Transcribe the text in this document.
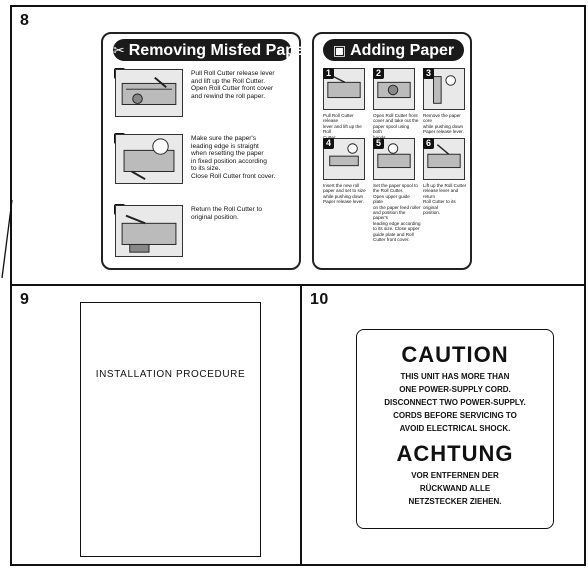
8
9	10
✂ Removing Misfed Paper
Pull Roll Cutter release lever
and lift up the Roll Cutter.
Open Roll Cutter front cover
and rewind the roll paper.
Make sure the paper's
leading edge is straight
when resetting the paper
in fixed position according
to its size.
Close Roll Cutter front cover.
Return the Roll Cutter to
original position.
▣ Adding Paper
1
Pull Roll Cutter release
lever and lift up the Roll

2
Open Roll Cutter front
cover and take out the
paper spool using both

3
Remove the paper core
while pushing down
Paper release lever.
4
Insert the new roll
paper and set to size
while pushing down
Paper release lever.
5
Set the paper spool to
the Roll Cutter.
Open upper guide plate
on the paper feed roller
and position the paper's
leading edge according
to its size. Close upper
guide plate and Roll
Cutter front cover.
6
Lift up the Roll Cutter
release lever and return
Roll Cutter to its original
position.
INSTALLATION PROCEDURE
CAUTION
THIS UNIT HAS MORE THAN
ONE POWER-SUPPLY CORD.
DISCONNECT TWO POWER-SUPPLY.
CORDS BEFORE SERVICING TO
AVOID ELECTRICAL SHOCK.
ACHTUNG
VOR ENTFERNEN DER
RÜCKWAND ALLE
NETZSTECKER ZIEHEN.
